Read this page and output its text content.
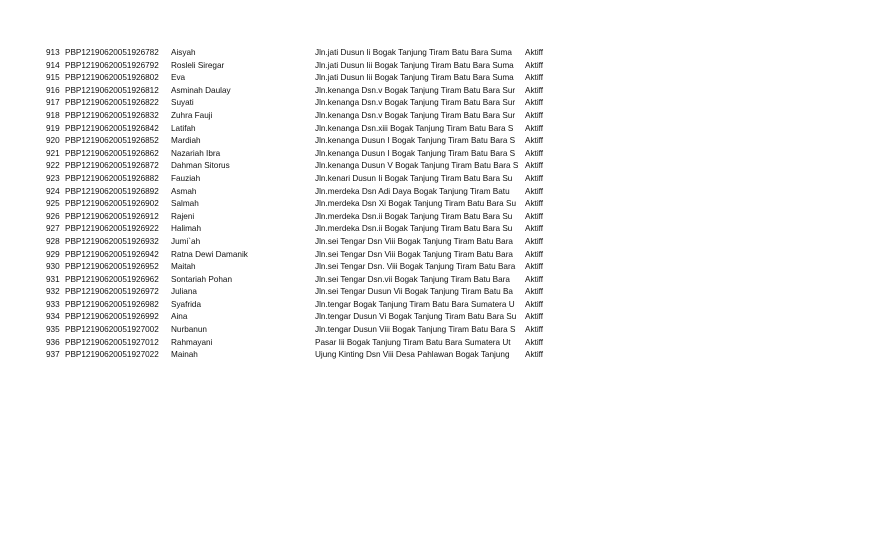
913 PBP12190620051926782	Aisyah	Jln.jati Dusun Ii Bogak Tanjung Tiram Batu Bara Suma	Aktiff
914 PBP12190620051926792	Rosleli Siregar	Jln.jati Dusun Iii Bogak Tanjung Tiram Batu Bara Suma	Aktiff
915 PBP12190620051926802	Eva	Jln.jati Dusun Iii Bogak Tanjung Tiram Batu Bara Suma	Aktiff
916 PBP12190620051926812	Asminah Daulay	Jln.kenanga Dsn.v Bogak Tanjung Tiram Batu Bara Sur	Aktiff
917 PBP12190620051926822	Suyati	Jln.kenanga Dsn.v Bogak Tanjung Tiram Batu Bara Sur	Aktiff
918 PBP12190620051926832	Zuhra Fauji	Jln.kenanga Dsn.v Bogak Tanjung Tiram Batu Bara Sur	Aktiff
919 PBP12190620051926842	Latifah	Jln.kenanga Dsn.xiii Bogak Tanjung Tiram Batu Bara S	Aktiff
920 PBP12190620051926852	Mardiah	Jln.kenanga Dusun I Bogak Tanjung Tiram Batu Bara S	Aktiff
921 PBP12190620051926862	Nazariah Ibra	Jln.kenanga Dusun I Bogak Tanjung Tiram Batu Bara S	Aktiff
922 PBP12190620051926872	Dahman Sitorus	Jln.kenanga Dusun V Bogak Tanjung Tiram Batu Bara S Aktiff
923 PBP12190620051926882	Fauziah	Jln.kenari Dusun Ii Bogak Tanjung Tiram Batu Bara Su	Aktiff
924 PBP12190620051926892	Asmah	Jln.merdeka Dsn Adi Daya Bogak Tanjung Tiram Batu	Aktiff
925 PBP12190620051926902	Salmah	Jln.merdeka Dsn Xi Bogak Tanjung Tiram Batu Bara Su	Aktiff
926 PBP12190620051926912	Rajeni	Jln.merdeka Dsn.ii Bogak Tanjung Tiram Batu Bara Su	Aktiff
927 PBP12190620051926922	Halimah	Jln.merdeka Dsn.ii Bogak Tanjung Tiram Batu Bara Su	Aktiff
928 PBP12190620051926932	Jumi`ah	Jln.sei Tengar Dsn Viii Bogak Tanjung Tiram Batu Bara	Aktiff
929 PBP12190620051926942	Ratna Dewi Damanik	Jln.sei Tengar Dsn Viii Bogak Tanjung Tiram Batu Bara	Aktiff
930 PBP12190620051926952	Maitah	Jln.sei Tengar Dsn. Viii Bogak Tanjung Tiram Batu Bara	Aktiff
931 PBP12190620051926962	Sontariah Pohan	Jln.sei Tengar Dsn.vii Bogak Tanjung Tiram Batu Bara	Aktiff
932 PBP12190620051926972	Juliana	Jln.sei Tengar Dusun Vii Bogak Tanjung Tiram Batu Ba	Aktiff
933 PBP12190620051926982	Syafrida	Jln.tengar Bogak Tanjung Tiram Batu Bara Sumatera U	Aktiff
934 PBP12190620051926992	Aina	Jln.tengar Dusun Vi Bogak Tanjung Tiram Batu Bara Su	Aktiff
935 PBP12190620051927002	Nurbanun	Jln.tengar Dusun Viii Bogak Tanjung Tiram Batu Bara S	Aktiff
936 PBP12190620051927012	Rahmayani	Pasar Iii Bogak Tanjung Tiram Batu Bara Sumatera Ut	Aktiff
937 PBP12190620051927022	Mainah	Ujung Kinting Dsn Viii Desa Pahlawan Bogak Tanjung	Aktiff
